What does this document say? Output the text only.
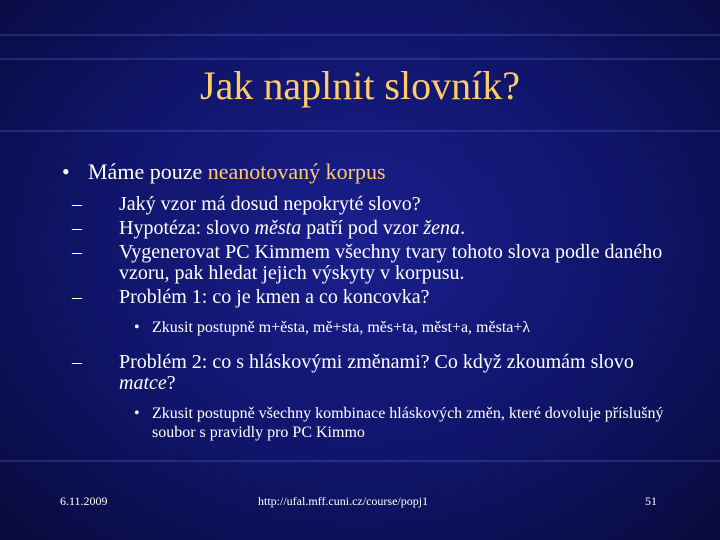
Jak naplnit slovník?
• Máme pouze neanotovaný korpus
– Jaký vzor má dosud nepokryté slovo?
– Hypotéza: slovo města patří pod vzor žena.
– Vygenerovat PC Kimmem všechny tvary tohoto slova podle daného vzoru, pak hledat jejich výskyty v korpusu.
– Problém 1: co je kmen a co koncovka?
• Zkusit postupně m+ěsta, mě+sta, měs+ta, měst+a, města+λ
– Problém 2: co s hláskovými změnami? Co když zkoumám slovo matce?
• Zkusit postupně všechny kombinace hláskových změn, které dovoluje příslušný soubor s pravidly pro PC Kimmo
6.11.2009	http://ufal.mff.cuni.cz/course/popj1	51
